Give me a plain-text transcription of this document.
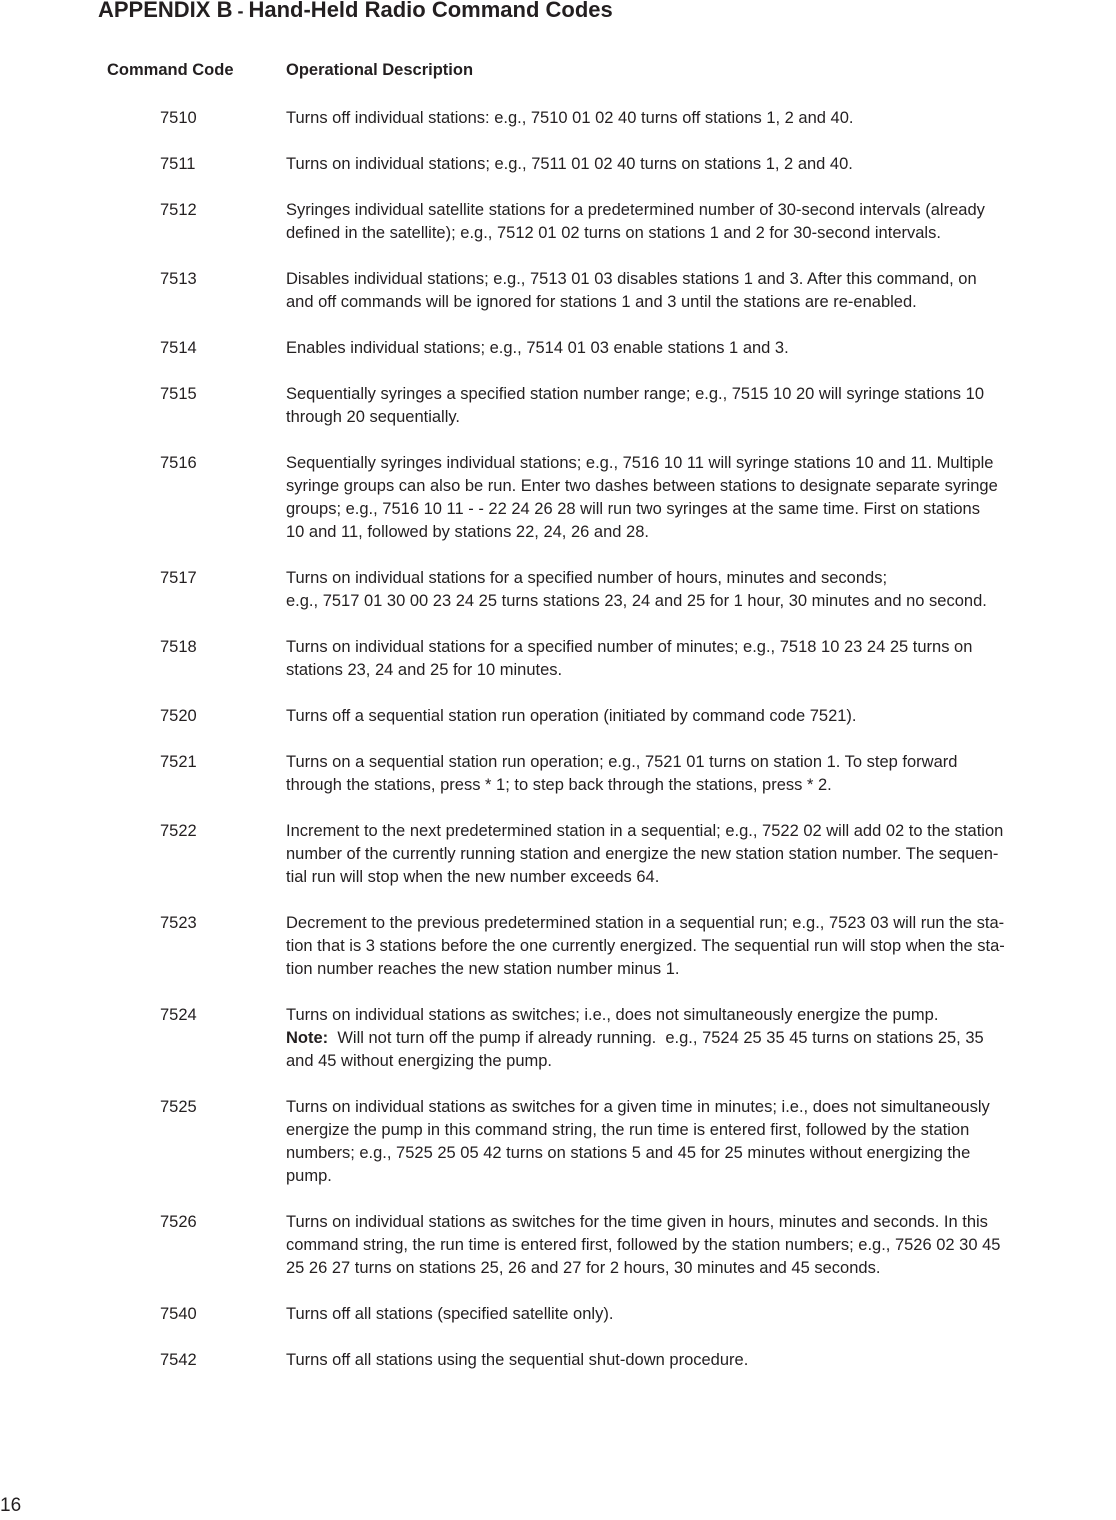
APPENDIX B - Hand-Held Radio Command Codes
Command Code	Operational Description
7510	Turns off individual stations: e.g., 7510 01 02 40 turns off stations 1, 2 and 40.
7511	Turns on individual stations; e.g., 7511 01 02 40 turns on stations 1, 2 and 40.
7512	Syringes individual satellite stations for a predetermined number of 30-second intervals (already
defined in the satellite); e.g., 7512 01 02 turns on stations 1 and 2 for 30-second intervals.
7513	Disables individual stations; e.g., 7513 01 03 disables stations 1 and 3. After this command, on
and off commands will be ignored for stations 1 and 3 until the stations are re-enabled.
7514	Enables individual stations; e.g., 7514 01 03 enable stations 1 and 3.
7515	Sequentially syringes a specified station number range; e.g., 7515 10 20 will syringe stations 10
through 20 sequentially.
7516	Sequentially syringes individual stations; e.g., 7516 10 11 will syringe stations 10 and 11. Multiple
syringe groups can also be run. Enter two dashes between stations to designate separate syringe
groups; e.g., 7516 10 11 - - 22 24 26 28 will run two syringes at the same time. First on stations
10 and 11, followed by stations 22, 24, 26 and 28.
7517	Turns on individual stations for a specified number of hours, minutes and seconds;
e.g., 7517 01 30 00 23 24 25 turns stations 23, 24 and 25 for 1 hour, 30 minutes and no second.
7518	Turns on individual stations for a specified number of minutes; e.g., 7518 10 23 24 25 turns on
stations 23, 24 and 25 for 10 minutes.
7520	Turns off a sequential station run operation (initiated by command code 7521).
7521	Turns on a sequential station run operation; e.g., 7521 01 turns on station 1. To step forward
through the stations, press * 1; to step back through the stations, press * 2.
7522	Increment to the next predetermined station in a sequential; e.g., 7522 02 will add 02 to the station
number of the currently running station and energize the new station station number. The sequen-
tial run will stop when the new number exceeds 64.
7523	Decrement to the previous predetermined station in a sequential run; e.g., 7523 03 will run the sta-
tion that is 3 stations before the one currently energized. The sequential run will stop when the sta-
tion number reaches the new station number minus 1.
7524	Turns on individual stations as switches; i.e., does not simultaneously energize the pump.
Note:  Will not turn off the pump if already running.  e.g., 7524 25 35 45 turns on stations 25, 35
and 45 without energizing the pump.
7525	Turns on individual stations as switches for a given time in minutes; i.e., does not simultaneously
energize the pump in this command string, the run time is entered first, followed by the station
numbers; e.g., 7525 25 05 42 turns on stations 5 and 45 for 25 minutes without energizing the
pump.
7526	Turns on individual stations as switches for the time given in hours, minutes and seconds. In this
command string, the run time is entered first, followed by the station numbers; e.g., 7526 02 30 45
25 26 27 turns on stations 25, 26 and 27 for 2 hours, 30 minutes and 45 seconds.
7540	Turns off all stations (specified satellite only).
7542	Turns off all stations using the sequential shut-down procedure.
16
